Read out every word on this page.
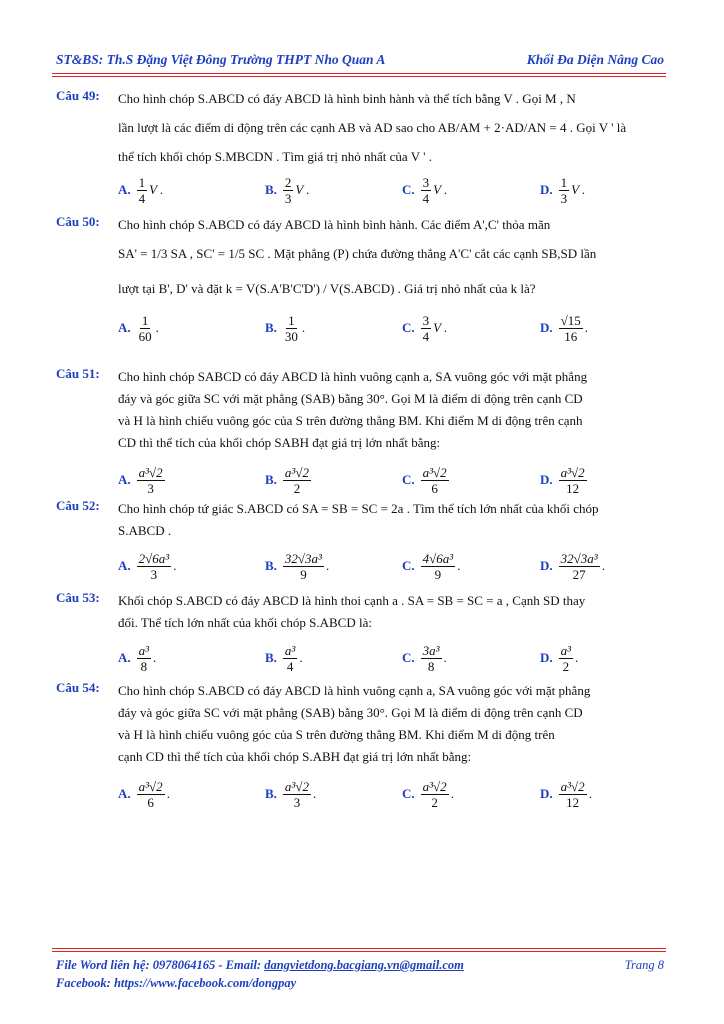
ST&BS: Th.S Đặng Việt Đông Trường THPT Nho Quan A	Khối Đa Diện Nâng Cao
Câu 49: Cho hình chóp S.ABCD có đáy ABCD là hình bình hành và thể tích bằng V . Gọi M , N
lần lượt là các điểm di động trên các cạnh AB và AD sao cho AB/AM + 2·AD/AN = 4 . Gọi V ' là
thể tích khối chóp S.MBCDN . Tìm giá trị nhỏ nhất của V ' .
A. $\frac{1}{4}$ V .	B. $\frac{2}{3}$ V .	C. $\frac{3}{4}$ V .	D. $\frac{1}{3}$ V .
Câu 50: Cho hình chóp S.ABCD có đáy ABCD là hình bình hành. Các điểm A',C' thỏa mãn
SA' = 1/3 SA , SC' = 1/5 SC . Mặt phẳng (P) chứa đường thẳng A'C' cắt các cạnh SB,SD lần
lượt tại B', D' và đặt k = V(S.A'B'C'D') / V(S.ABCD) . Giá trị nhỏ nhất của k là?
A. $\frac{1}{60}$ .	B. $\frac{1}{30}$ .	C. $\frac{3}{4}$ V .	D. $\frac{√15}{16}$ .
Câu 51: Cho hình chóp SABCD có đáy ABCD là hình vuông cạnh a, SA vuông góc với mặt phẳng
đáy và góc giữa SC với mặt phẳng (SAB) bằng 30°. Gọi M là điểm di động trên cạnh CD
và H là hình chiếu vuông góc của S trên đường thẳng BM. Khi điểm M di động trên cạnh
CD thì thể tích của khối chóp SABH đạt giá trị lớn nhất bằng:
A. $\frac{\text{a³√2}}{3}$	B. $\frac{\text{a³√2}}{2}$	C. $\frac{\text{a³√2}}{6}$	D. $\frac{\text{a³√2}}{12}$
Câu 52: Cho hình chóp tứ giác S.ABCD có SA = SB = SC = 2a . Tìm thể tích lớn nhất của khối chóp
S.ABCD .
A. $\frac{\text{2√6a³}}{3}$ .	B. $\frac{\text{32√3a³}}{9}$ .	C. $\frac{\text{4√6a³}}{9}$ .	D. $\frac{\text{32√3a³}}{27}$ .
Câu 53: Khối chóp S.ABCD có đáy ABCD là hình thoi cạnh a . SA = SB = SC = a , Cạnh SD thay
đổi. Thể tích lớn nhất của khối chóp S.ABCD là:
A. $\frac{\text{a³}}{8}$ .	B. $\frac{\text{a³}}{4}$ .	C. $\frac{\text{3a³}}{8}$ .	D. $\frac{\text{a³}}{2}$ .
Câu 54: Cho hình chóp S.ABCD có đáy ABCD là hình vuông cạnh a, SA vuông góc với mặt phẳng
đáy và góc giữa SC với mặt phẳng (SAB) bằng 30°. Gọi M là điểm di động trên cạnh CD
và H là hình chiếu vuông góc của S trên đường thẳng BM. Khi điểm M di động trên
cạnh CD thì thể tích của khối chóp S.ABH đạt giá trị lớn nhất bằng:
A. $\frac{\text{a³√2}}{6}$ .	B. $\frac{\text{a³√2}}{3}$ .	C. $\frac{\text{a³√2}}{2}$ .	D. $\frac{\text{a³√2}}{12}$ .
File Word liên hệ: 0978064165 - Email: dangvietdong.bacgiang.vn@gmail.com	Trang 8
Facebook: https://www.facebook.com/dongpay
